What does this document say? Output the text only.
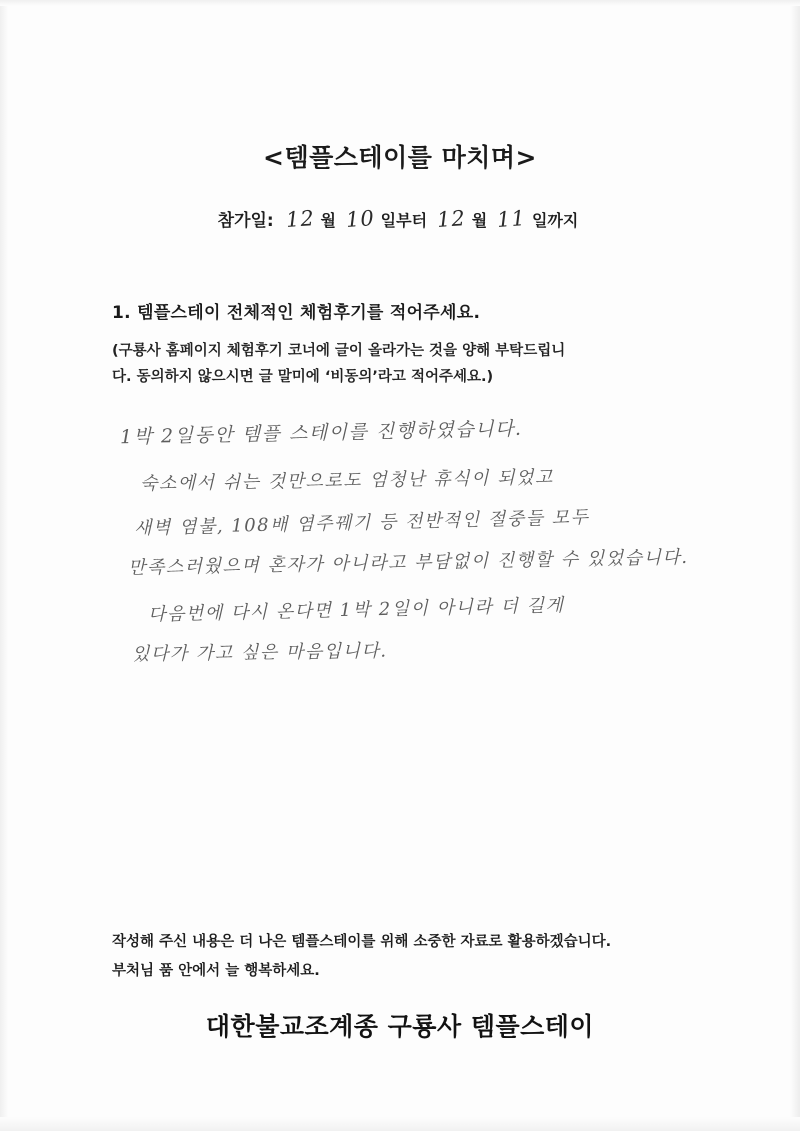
<템플스테이를 마치며>
참가일: 12 월 10 일부터 12 월 11 일까지
1. 템플스테이 전체적인 체험후기를 적어주세요.
(구룡사 홈페이지 체험후기 코너에 글이 올라가는 것을 양해 부탁드립니
다. 동의하지 않으시면 글 말미에 ‘비동의’라고 적어주세요.)
1박 2일동안 템플 스테이를 진행하였습니다.
숙소에서 쉬는 것만으로도 엄청난 휴식이 되었고
새벽 염불, 108배 염주꿰기 등 전반적인 절중들 모두
만족스러웠으며 혼자가 아니라고 부담없이 진행할 수 있었습니다.
다음번에 다시 온다면 1박 2일이 아니라 더 길게
있다가 가고 싶은 마음입니다.
작성해 주신 내용은 더 나은 템플스테이를 위해 소중한 자료로 활용하겠습니다.
부처님 품 안에서 늘 행복하세요.
대한불교조계종 구룡사 템플스테이
